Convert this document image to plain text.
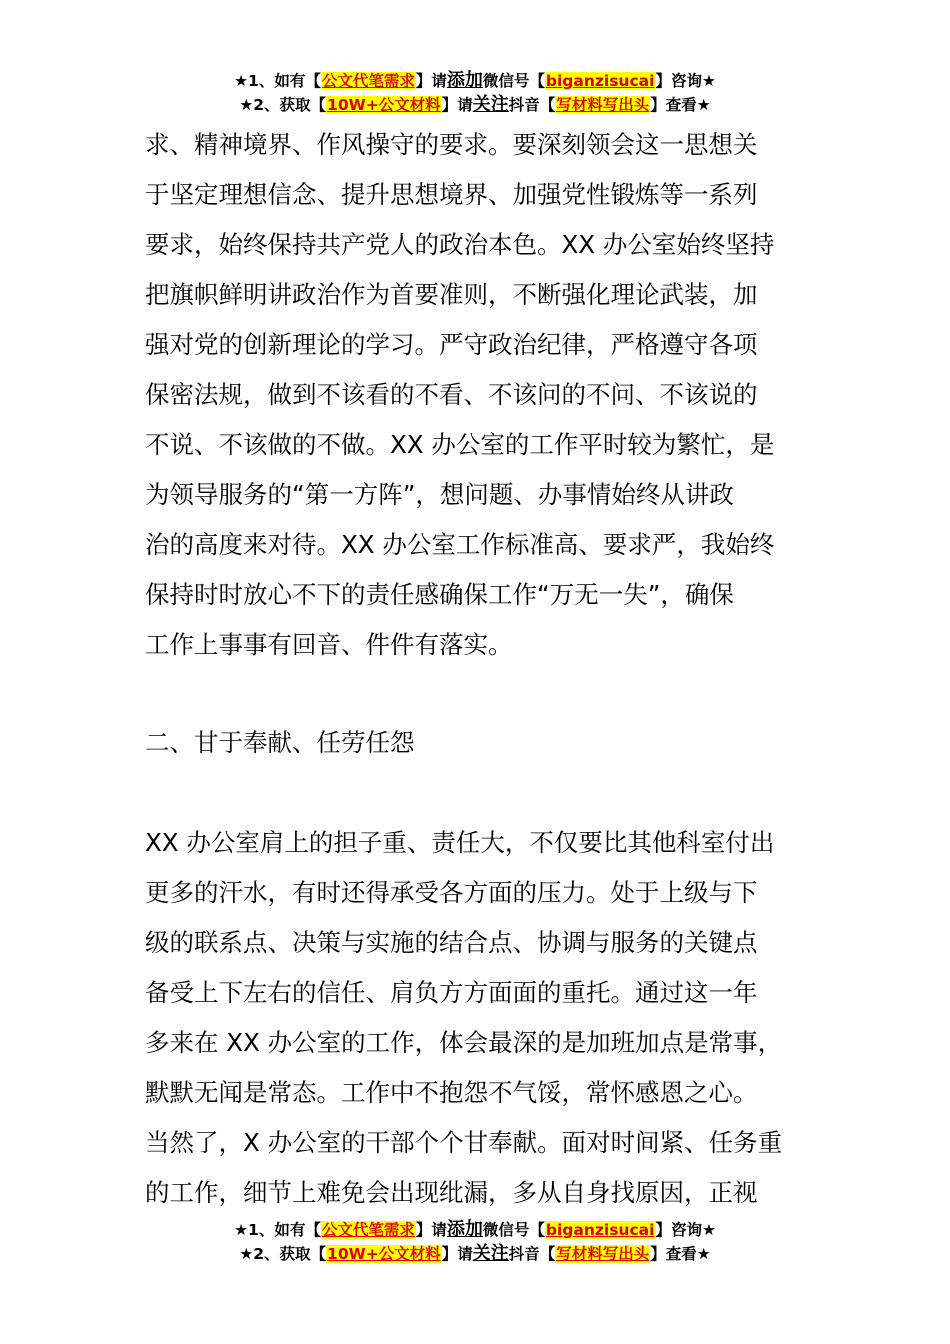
★1、如有【公文代笔需求】请添加微信号【biganzisucai】咨询★
★2、获取【10W+公文材料】请关注抖音【写材料写出头】查看★
求、精神境界、作风操守的要求。要深刻领会这一思想关
于坚定理想信念、提升思想境界、加强党性锻炼等一系列
要求，始终保持共产党人的政治本色。XX 办公室始终坚持
把旗帜鲜明讲政治作为首要准则，不断强化理论武装，加
强对党的创新理论的学习。严守政治纪律，严格遵守各项
保密法规，做到不该看的不看、不该问的不问、不该说的
不说、不该做的不做。XX 办公室的工作平时较为繁忙，是
为领导服务的“第一方阵”，想问题、办事情始终从讲政
治的高度来对待。XX 办公室工作标准高、要求严，我始终
保持时时放心不下的责任感确保工作“万无一失”，确保
工作上事事有回音、件件有落实。
二、甘于奉献、任劳任怨
XX 办公室肩上的担子重、责任大，不仅要比其他科室付出
更多的汗水，有时还得承受各方面的压力。处于上级与下
级的联系点、决策与实施的结合点、协调与服务的关键点
备受上下左右的信任、肩负方方面面的重托。通过这一年
多来在 XX 办公室的工作，体会最深的是加班加点是常事，
默默无闻是常态。工作中不抱怨不气馁，常怀感恩之心。
当然了，X 办公室的干部个个甘奉献。面对时间紧、任务重
的工作，细节上难免会出现纰漏，多从自身找原因，正视
★1、如有【公文代笔需求】请添加微信号【biganzisucai】咨询★
★2、获取【10W+公文材料】请关注抖音【写材料写出头】查看★
